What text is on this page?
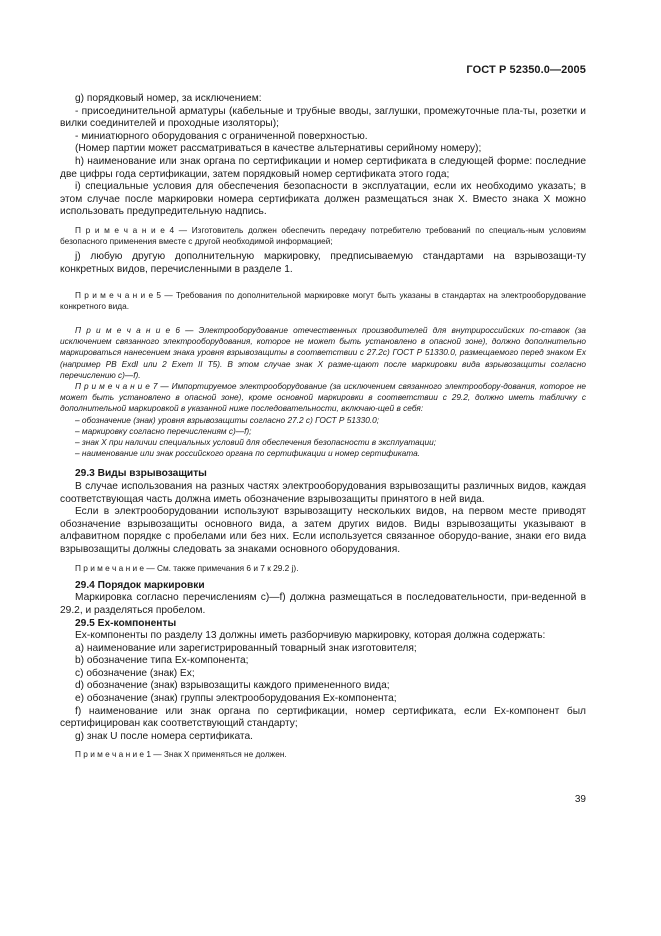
ГОСТ Р 52350.0—2005

g) порядковый номер, за исключением:

- присоединительной арматуры (кабельные и трубные вводы, заглушки, промежуточные пла-ты, розетки и вилки соединителей и проходные изоляторы);

- миниатюрного оборудования с ограниченной поверхностью.

(Номер партии может рассматриваться в качестве альтернативы серийному номеру);

h) наименование или знак органа по сертификации и номер сертификата в следующей форме: последние две цифры года сертификации, затем порядковый номер сертификата этого года;

i) специальные условия для обеспечения безопасности в эксплуатации, если их необходимо указать; в этом случае после маркировки номера сертификата должен размещаться знак X. Вместо знака X можно использовать предупредительную надпись.

П р и м е ч а н и е 4 — Изготовитель должен обеспечить передачу потребителю требований по специаль-ным условиям безопасного применения вместе с другой необходимой информацией;

j) любую другую дополнительную маркировку, предписываемую стандартами на взрывозащи-ту конкретных видов, перечисленными в разделе 1.

П р и м е ч а н и е 5 — Требования по дополнительной маркировке могут быть указаны в стандартах на электрооборудование конкретного вида.

П р и м е ч а н и е 6 — Электрооборудование отечественных производителей для внутрироссийских по-ставок (за исключением связанного электрооборудования, которое не может быть установлено в опасной зоне), должно дополнительно маркироваться нанесением знака уровня взрывозащиты в соответствии с 27.2с) ГОСТ Р 51330.0, размещаемого перед знаком Ex (например PB ExdI или 2 Exem II T5). В этом случае знак X разме-щают после маркировки вида взрывозащиты согласно перечислению с)—f).

П р и м е ч а н и е 7 — Импортируемое электрооборудование (за исключением связанного электрообору-дования, которое не может быть установлено в опасной зоне), кроме основной маркировки в соответствии с 29.2, должно иметь табличку с дополнительной маркировкой в указанной ниже последовательности, включаю-щей в себя:

– обозначение (знак) уровня взрывозащиты согласно 27.2 с) ГОСТ Р 51330.0;

– маркировку согласно перечислениям с)—f);

– знак X при наличии специальных условий для обеспечения безопасности в эксплуатации;

– наименование или знак российского органа по сертификации и номер сертификата.

29.3 Виды взрывозащиты

В случае использования на разных частях электрооборудования взрывозащиты различных видов, каждая соответствующая часть должна иметь обозначение взрывозащиты принятого в ней вида.

Если в электрооборудовании используют взрывозащиту нескольких видов, на первом месте приводят обозначение взрывозащиты основного вида, а затем других видов. Виды взрывозащиты указывают в алфавитном порядке с пробелами или без них. Если используется связанное оборудо-вание, знаки его вида взрывозащиты должны следовать за знаками основного оборудования.

П р и м е ч а н и е — См. также примечания 6 и 7 к 29.2 j).

29.4 Порядок маркировки

Маркировка согласно перечислениям с)—f) должна размещаться в последовательности, при-веденной в 29.2, и разделяться пробелом.

29.5 Ex-компоненты

Ex-компоненты по разделу 13 должны иметь разборчивую маркировку, которая должна содержать:

a) наименование или зарегистрированный товарный знак изготовителя;

b) обозначение типа Ex-компонента;

c) обозначение (знак) Ex;

d) обозначение (знак) взрывозащиты каждого примененного вида;

e) обозначение (знак) группы электрооборудования Ex-компонента;

f) наименование или знак органа по сертификации, номер сертификата, если Ex-компонент был сертифицирован как соответствующий стандарту;

g) знак U после номера сертификата.

П р и м е ч а н и е 1 — Знак X применяться не должен.

39
